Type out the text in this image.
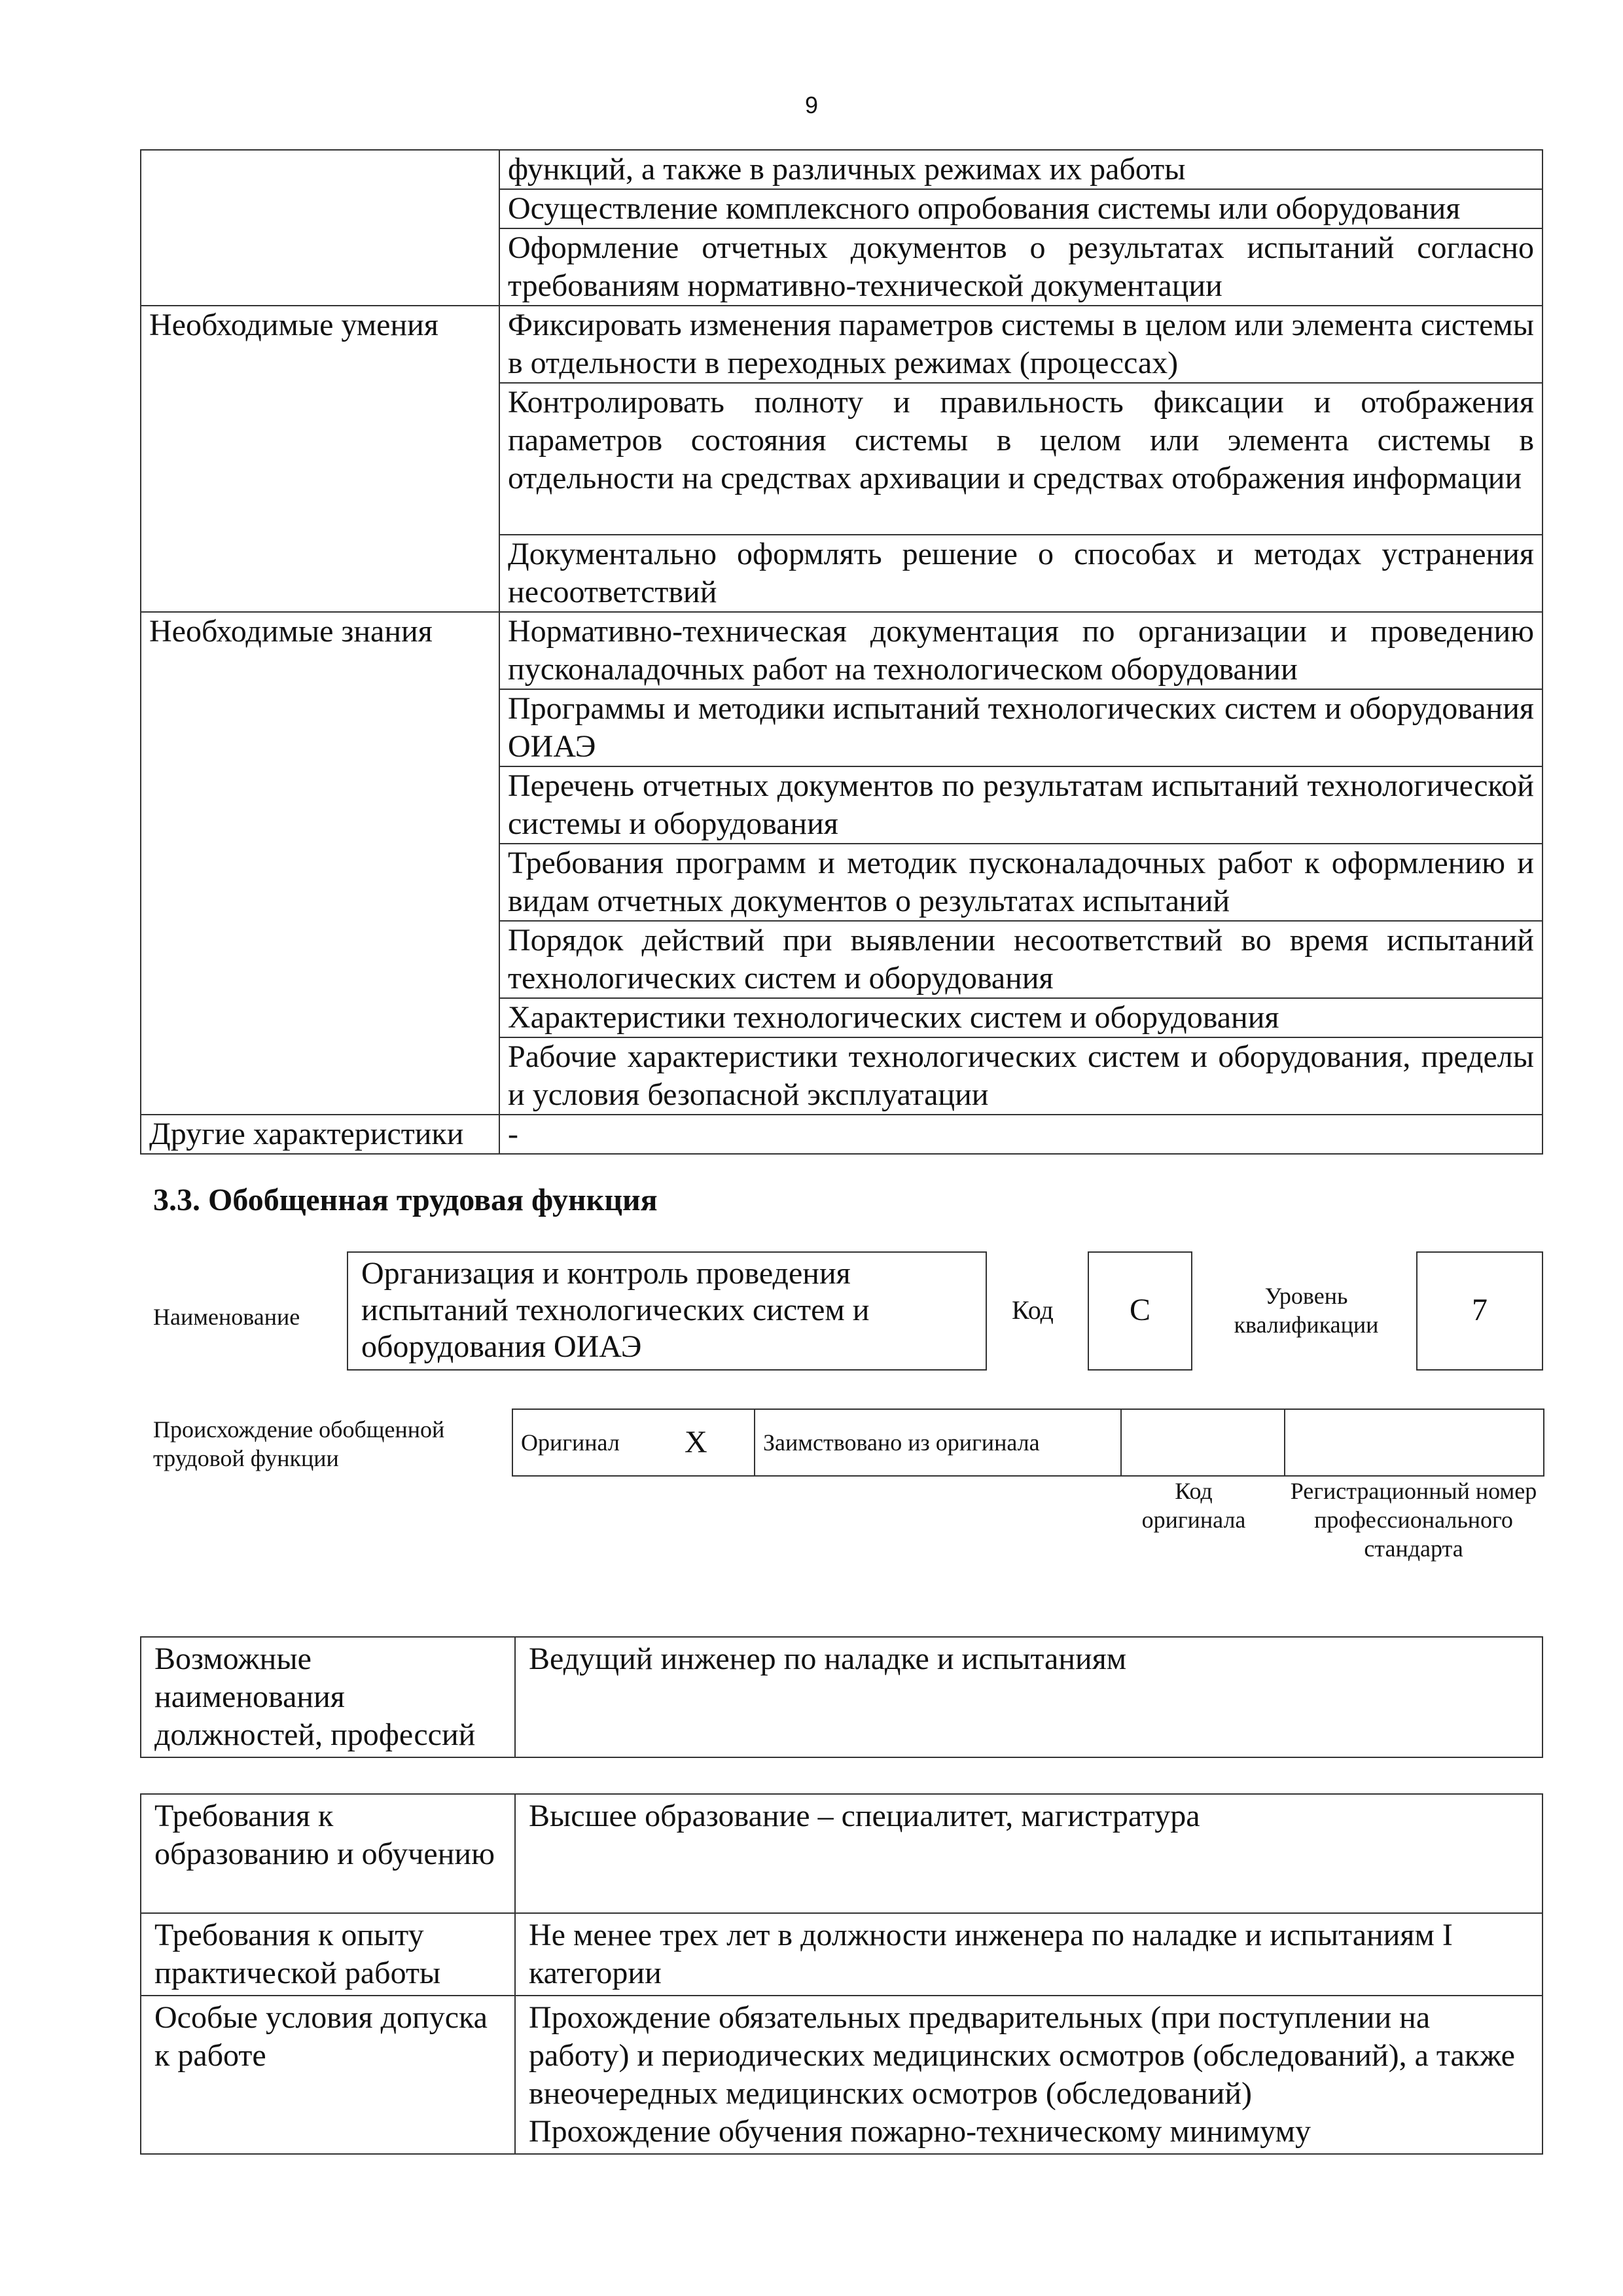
9
	функций, а также в различных режимах их работы
	Осуществление комплексного опробования системы или оборудования
	Оформление отчетных документов о результатах испытаний согласно требованиям нормативно-технической документации
Необходимые умения	Фиксировать изменения параметров системы в целом или элемента системы в отдельности в переходных режимах (процессах)
	Контролировать полноту и правильность фиксации и отображения параметров состояния системы в целом или элемента системы в отдельности на средствах архивации и средствах отображения информации
	Документально оформлять решение о способах и методах устранения несоответствий
Необходимые знания	Нормативно-техническая документация по организации и проведению пусконаладочных работ на технологическом оборудовании
	Программы и методики испытаний технологических систем и оборудования ОИАЭ
	Перечень отчетных документов по результатам испытаний технологической системы и оборудования
	Требования программ и методик пусконаладочных работ к оформлению и видам отчетных документов о результатах испытаний
	Порядок действий при выявлении несоответствий во время испытаний технологических систем и оборудования
	Характеристики технологических систем и оборудования
	Рабочие характеристики технологических систем и оборудования, пределы и условия безопасной эксплуатации
Другие характеристики	-
3.3. Обобщенная трудовая функция
Наименование
Организация и контроль проведения испытаний технологических систем и оборудования ОИАЭ
Код	C	Уровень квалификации	7
Происхождение обобщенной трудовой функции
Оригинал X	Заимствовано из оригинала		
Код оригинала
Регистрационный номер профессионального стандарта
Возможные наименования должностей, профессий	Ведущий инженер по наладке и испытаниям
Требования к образованию и обучению	Высшее образование – специалитет, магистратура
Требования к опыту практической работы	Не менее трех лет в должности инженера по наладке и испытаниям I категории
Особые условия допуска к работе	Прохождение обязательных предварительных (при поступлении на работу) и периодических медицинских осмотров (обследований), а также внеочередных медицинских осмотров (обследований)
Прохождение обучения пожарно-техническому минимуму
